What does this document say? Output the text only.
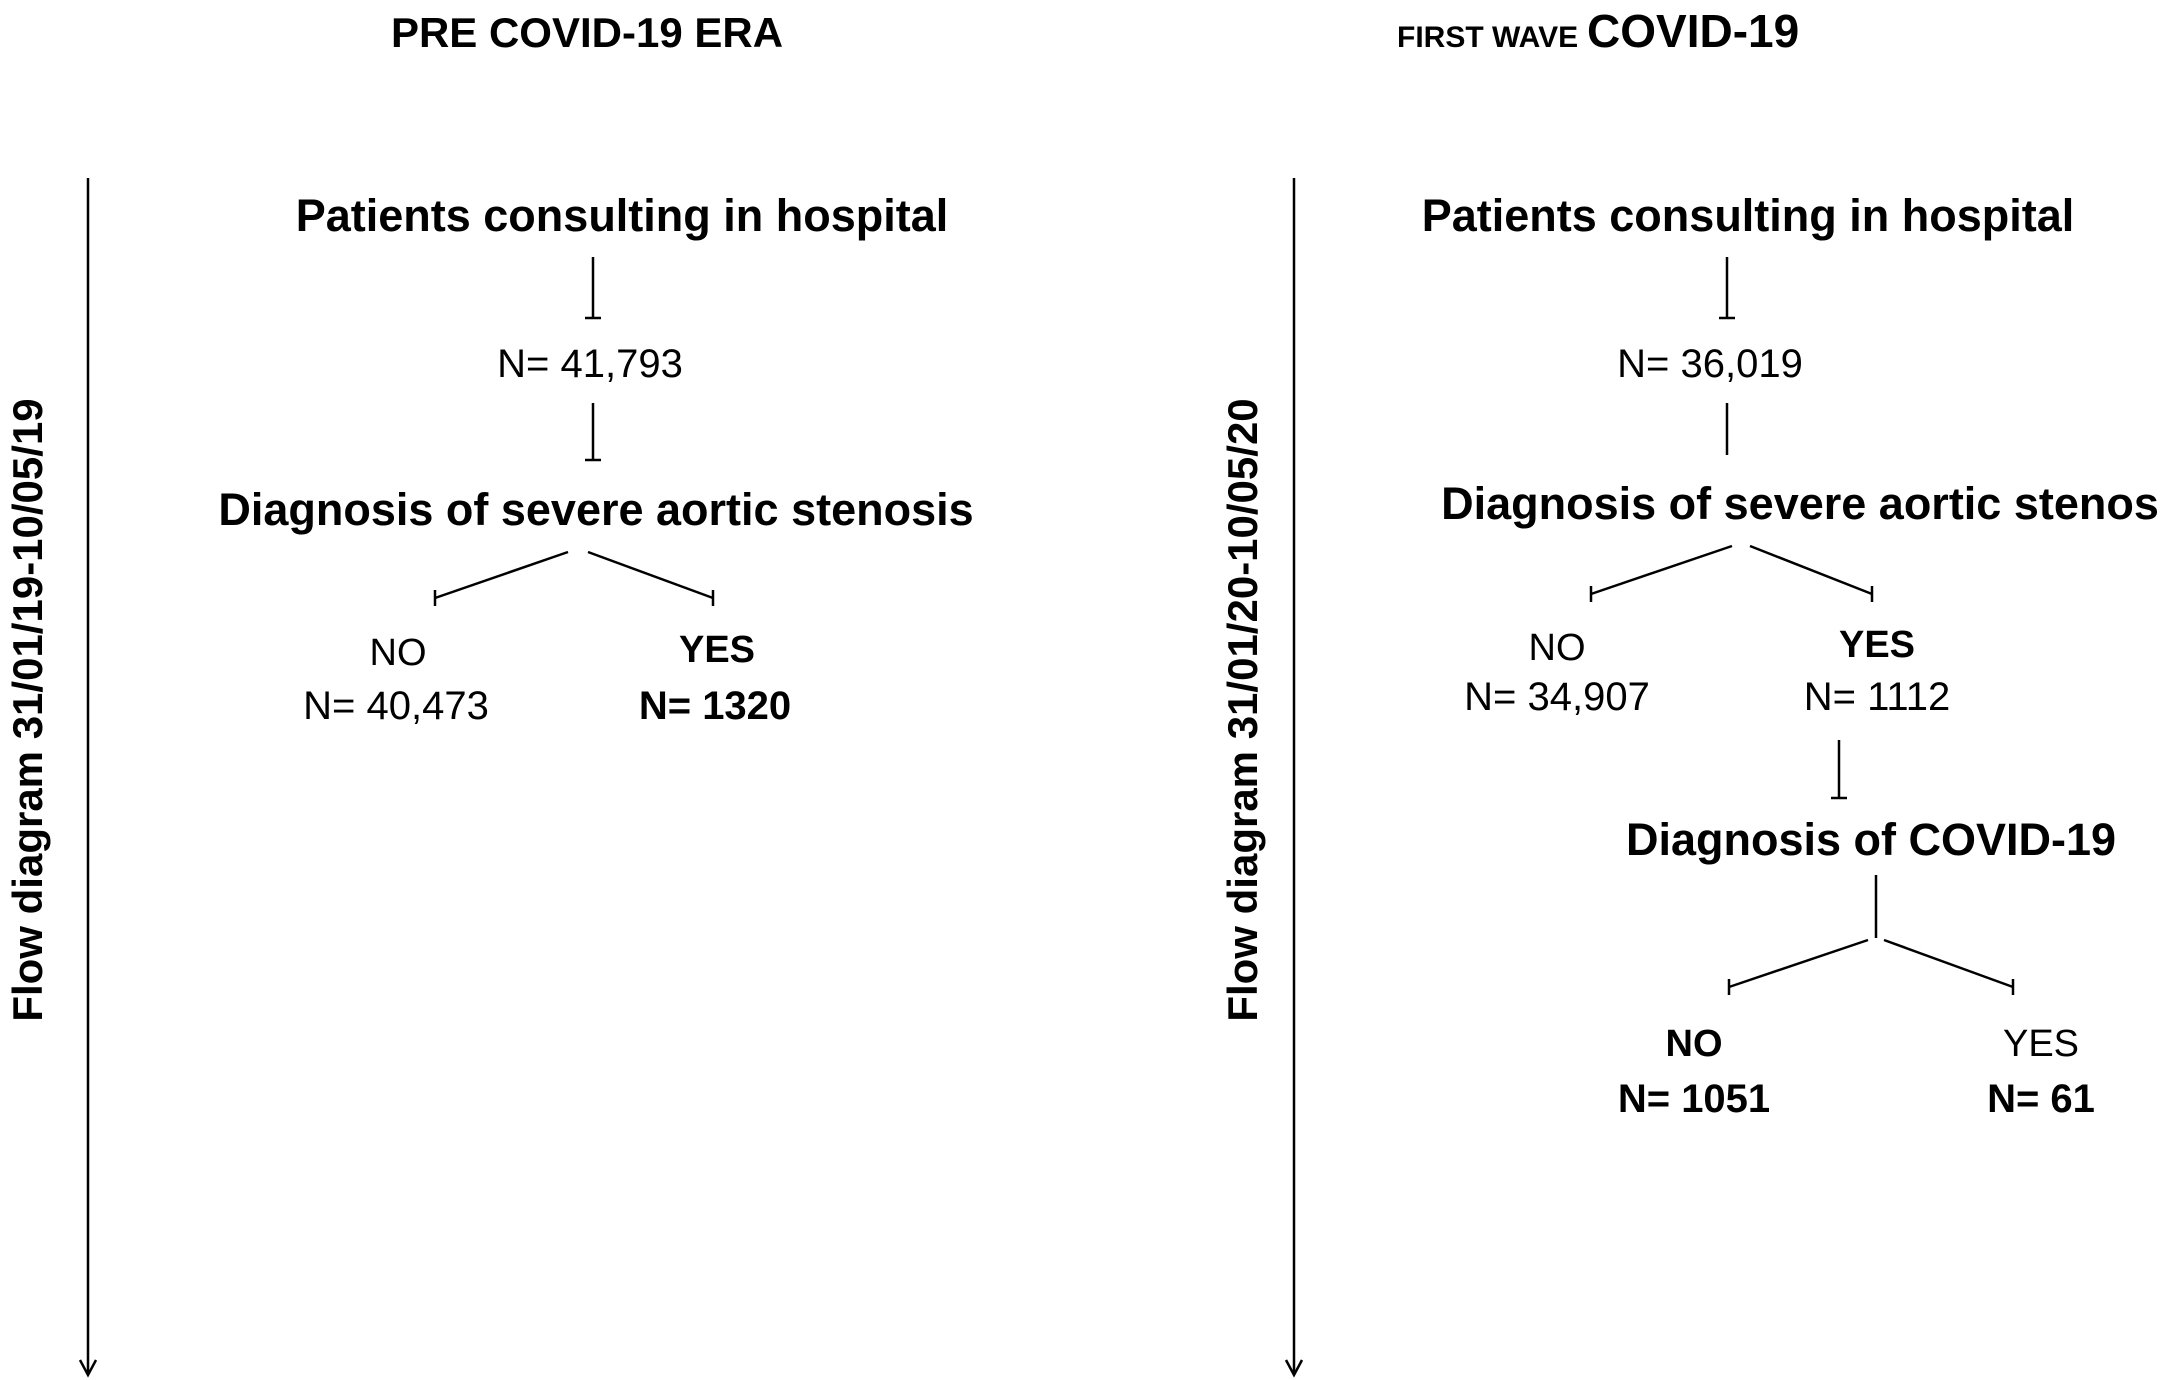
PRE COVID-19 ERA	FIRST WAVE COVID-19
Flow diagram 31/01/19-10/05/19	Flow diagram 31/01/20-10/05/20
Patients consulting in hospital
N= 41,793
Diagnosis of severe aortic stenosis
NO
N= 40,473
YES
N= 1320
Patients consulting in hospital
N= 36,019
Diagnosis of severe aortic stenos
NO
N= 34,907
YES
N= 1112
Diagnosis of COVID-19
NO
N= 1051
YES
N= 61
